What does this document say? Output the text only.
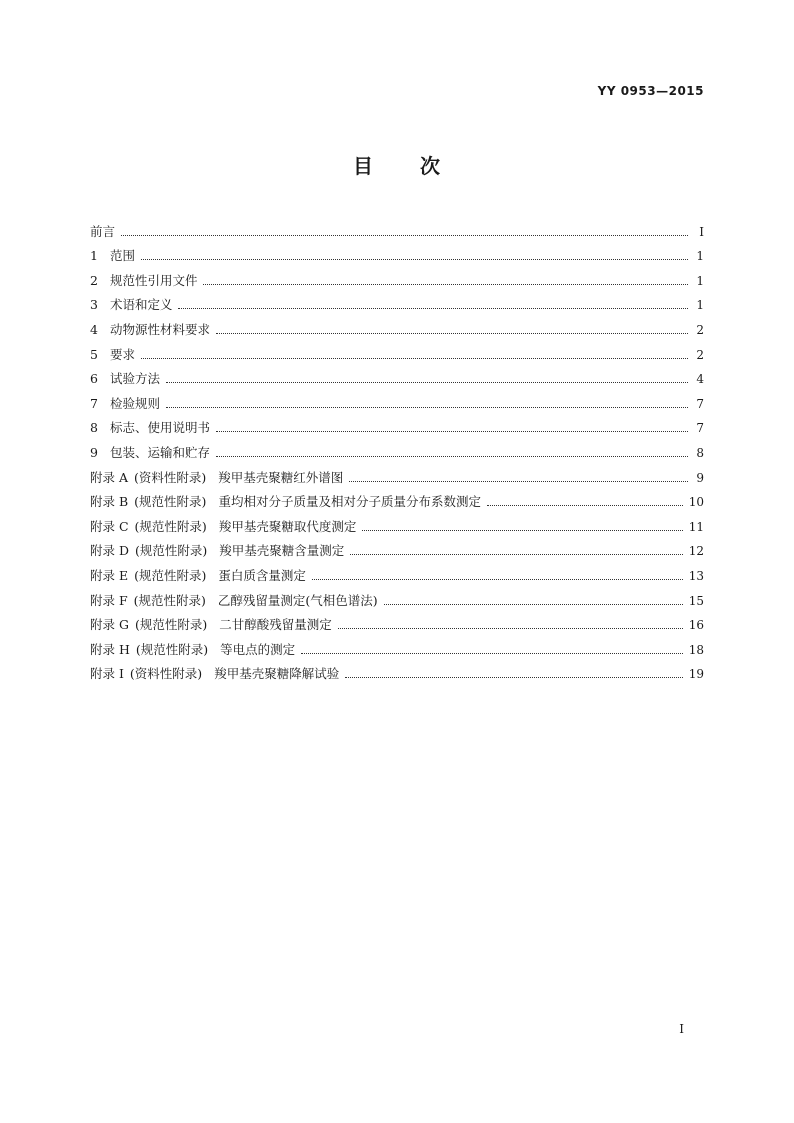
YY 0953—2015
目 次
前言	Ⅰ
1 范围	1
2 规范性引用文件	1
3 术语和定义	1
4 动物源性材料要求	2
5 要求	2
6 试验方法	4
7 检验规则	7
8 标志、使用说明书	7
9 包装、运输和贮存	8
附录 A (资料性附录) 羧甲基壳聚糖红外谱图	9
附录 B (规范性附录) 重均相对分子质量及相对分子质量分布系数测定	10
附录 C (规范性附录) 羧甲基壳聚糖取代度测定	11
附录 D (规范性附录) 羧甲基壳聚糖含量测定	12
附录 E (规范性附录) 蛋白质含量测定	13
附录 F (规范性附录) 乙醇残留量测定(气相色谱法)	15
附录 G (规范性附录) 二甘醇酸残留量测定	16
附录 H (规范性附录) 等电点的测定	18
附录 I (资料性附录) 羧甲基壳聚糖降解试验	19
Ⅰ
